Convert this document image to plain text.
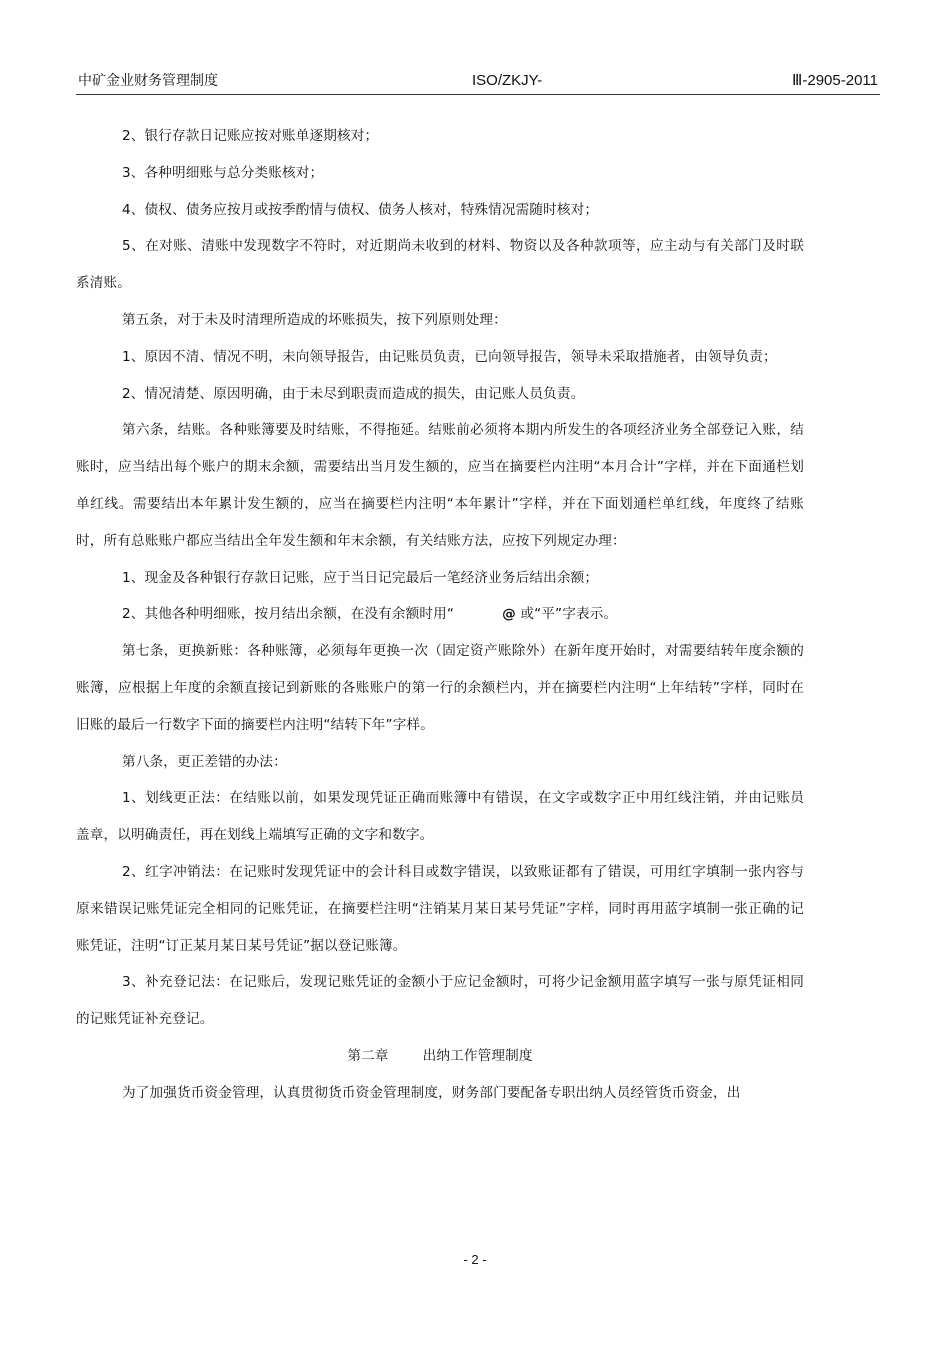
中矿金业财务管理制度	ISO/ZKJY-	Ⅲ-2905-2011

2、银行存款日记账应按对账单逐期核对；

3、各种明细账与总分类账核对；

4、债权、债务应按月或按季酌情与债权、债务人核对，特殊情况需随时核对；

5、在对账、清账中发现数字不符时，对近期尚未收到的材料、物资以及各种款项等，应主动与有关部门及时联系清账。

第五条，对于未及时清理所造成的坏账损失，按下列原则处理：

1、原因不清、情况不明，未向领导报告，由记账员负责，已向领导报告，领导未采取措施者，由领导负责；

2、情况清楚、原因明确，由于未尽到职责而造成的损失，由记账人员负责。

第六条，结账。各种账簿要及时结账，不得拖延。结账前必须将本期内所发生的各项经济业务全部登记入账，结账时，应当结出每个账户的期末余额，需要结出当月发生额的，应当在摘要栏内注明“本月合计”字样，并在下面通栏划单红线。需要结出本年累计发生额的，应当在摘要栏内注明“本年累计”字样，并在下面划通栏单红线，年度终了结账时，所有总账账户都应当结出全年发生额和年末余额，有关结账方法，应按下列规定办理：

1、现金及各种银行存款日记账，应于当日记完最后一笔经济业务后结出余额；

2、其他各种明细账，按月结出余额，在没有余额时用“	@ 或“平”字表示。

第七条，更换新账：各种账簿，必须每年更换一次（固定资产账除外）在新年度开始时，对需要结转年度余额的账簿，应根据上年度的余额直接记到新账的各账账户的第一行的余额栏内，并在摘要栏内注明“上年结转”字样，同时在旧账的最后一行数字下面的摘要栏内注明“结转下年”字样。

第八条，更正差错的办法：

1、划线更正法：在结账以前，如果发现凭证正确而账簿中有错误，在文字或数字正中用红线注销，并由记账员盖章，以明确责任，再在划线上端填写正确的文字和数字。

2、红字冲销法：在记账时发现凭证中的会计科目或数字错误，以致账证都有了错误，可用红字填制一张内容与原来错误记账凭证完全相同的记账凭证，在摘要栏注明“注销某月某日某号凭证”字样，同时再用蓝字填制一张正确的记账凭证，注明“订正某月某日某号凭证”据以登记账簿。

3、补充登记法：在记账后，发现记账凭证的金额小于应记金额时，可将少记金额用蓝字填写一张与原凭证相同的记账凭证补充登记。

第二章	出纳工作管理制度

为了加强货币资金管理，认真贯彻货币资金管理制度，财务部门要配备专职出纳人员经管货币资金，出

- 2 -
